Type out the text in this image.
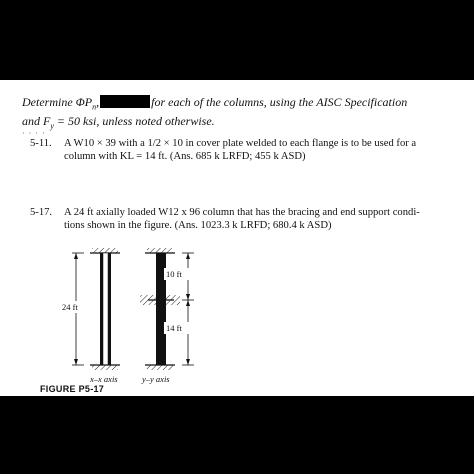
Determine $\Phi P_n$,	for each of the columns, using the AISC Specification
and $F_y = 50$ ksi, unless noted otherwise.
· · · ·
5-11. A W10 × 39 with a 1/2 × 10 in cover plate welded to each flange is to be used for a
column with KL = 14 ft. (Ans. 685 k LRFD; 455 k ASD)
5-17. A 24 ft axially loaded W12 x 96 column that has the bracing and end support condi-
tions shown in the figure. (Ans. 1023.3 k LRFD; 680.4 k ASD)
24 ft
x–x axis
10 ft
14 ft
y–y axis
FIGURE P5-17
